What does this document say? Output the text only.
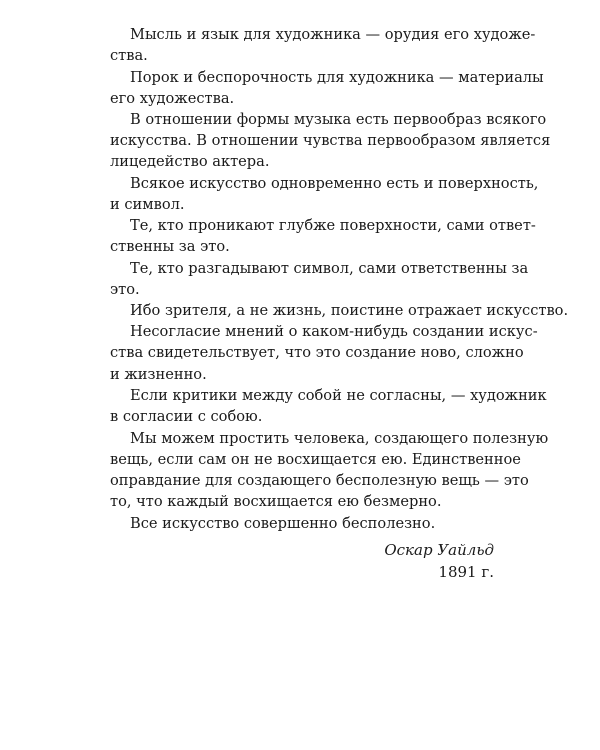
Мысль и язык для художника — орудия его художе-
ства.
Порок и беспорочность для художника — материалы
его художества.
В отношении формы музыка есть первообраз всякого
искусства. В отношении чувства первообразом является
лицедейство актера.
Всякое искусство одновременно есть и поверхность,
и символ.
Те, кто проникают глубже поверхности, сами ответ-
ственны за это.
Те, кто разгадывают символ, сами ответственны за
это.
Ибо зрителя, а не жизнь, поистине отражает искусство.
Несогласие мнений о каком-нибудь создании искус-
ства свидетельствует, что это создание ново, сложно
и жизненно.
Если критики между собой не согласны, — художник
в согласии с собою.
Мы можем простить человека, создающего полезную
вещь, если сам он не восхищается ею. Единственное
оправдание для создающего бесполезную вещь — это
то, что каждый восхищается ею безмерно.
Все искусство совершенно бесполезно.
Оскар Уайльд
1891 г.
